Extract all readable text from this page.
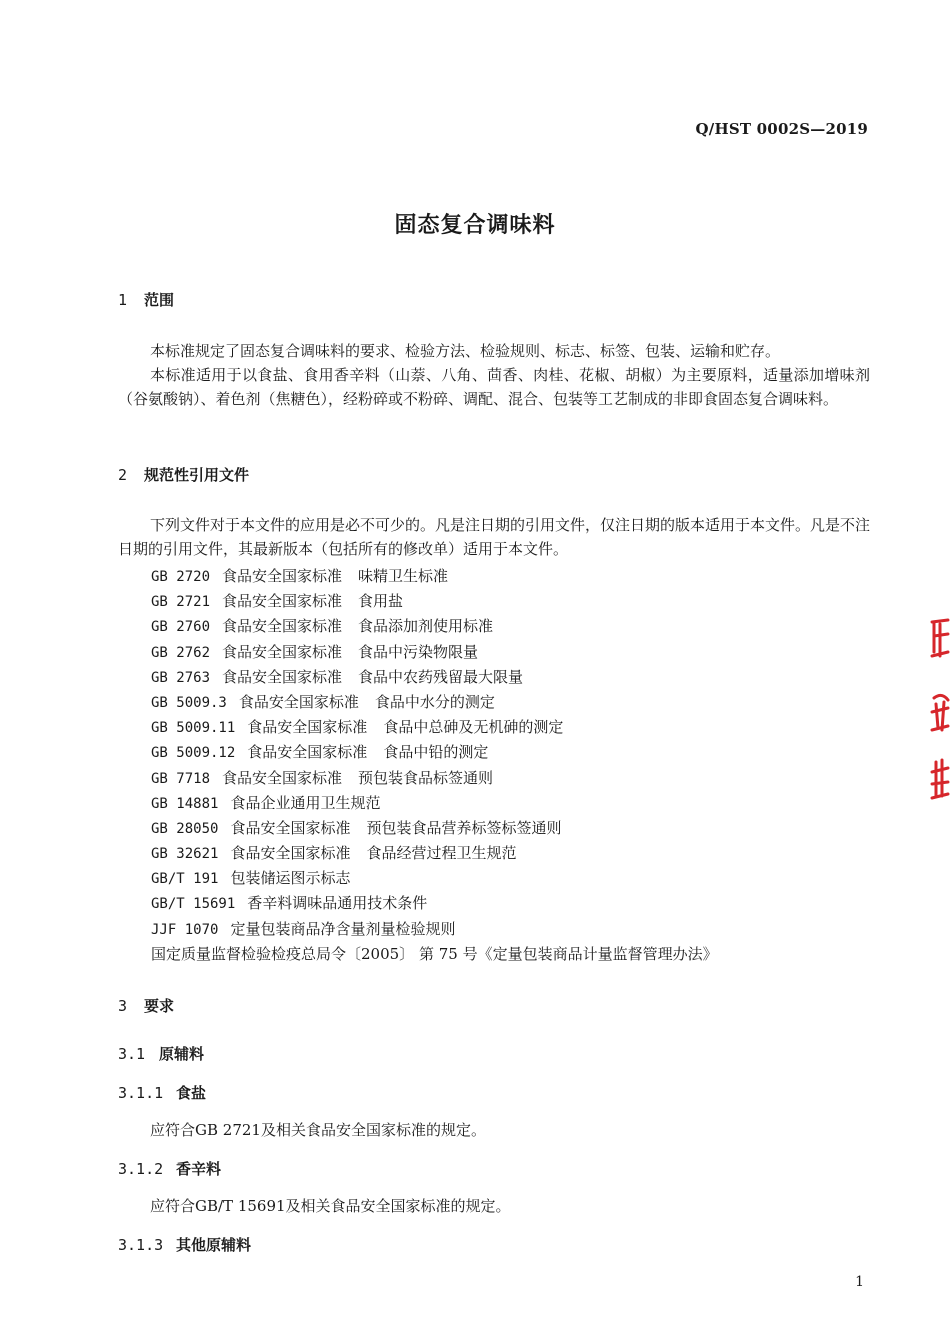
Q/HST 0002S—2019
固态复合调味料
1 范围
本标准规定了固态复合调味料的要求、检验方法、检验规则、标志、标签、包装、运输和贮存。
本标准适用于以食盐、食用香辛料（山萘、八角、茴香、肉桂、花椒、胡椒）为主要原料，适量添加增味剂（谷氨酸钠）、着色剂（焦糖色），经粉碎或不粉碎、调配、混合、包装等工艺制成的非即食固态复合调味料。
2 规范性引用文件
下列文件对于本文件的应用是必不可少的。凡是注日期的引用文件，仅注日期的版本适用于本文件。凡是不注日期的引用文件，其最新版本（包括所有的修改单）适用于本文件。
GB 2720 食品安全国家标准 味精卫生标准
GB 2721 食品安全国家标准 食用盐
GB 2760 食品安全国家标准 食品添加剂使用标准
GB 2762 食品安全国家标准 食品中污染物限量
GB 2763 食品安全国家标准 食品中农药残留最大限量
GB 5009.3 食品安全国家标准 食品中水分的测定
GB 5009.11 食品安全国家标准 食品中总砷及无机砷的测定
GB 5009.12 食品安全国家标准 食品中铅的测定
GB 7718 食品安全国家标准 预包装食品标签通则
GB 14881 食品企业通用卫生规范
GB 28050 食品安全国家标准 预包装食品营养标签标签通则
GB 32621 食品安全国家标准 食品经营过程卫生规范
GB/T 191 包装储运图示标志
GB/T 15691 香辛料调味品通用技术条件
JJF 1070 定量包装商品净含量剂量检验规则
国定质量监督检验检疫总局令〔2005〕 第 75 号《定量包装商品计量监督管理办法》
3 要求
3.1 原辅料
3.1.1 食盐
应符合GB 2721及相关食品安全国家标准的规定。
3.1.2 香辛料
应符合GB/T 15691及相关食品安全国家标准的规定。
3.1.3 其他原辅料
1
